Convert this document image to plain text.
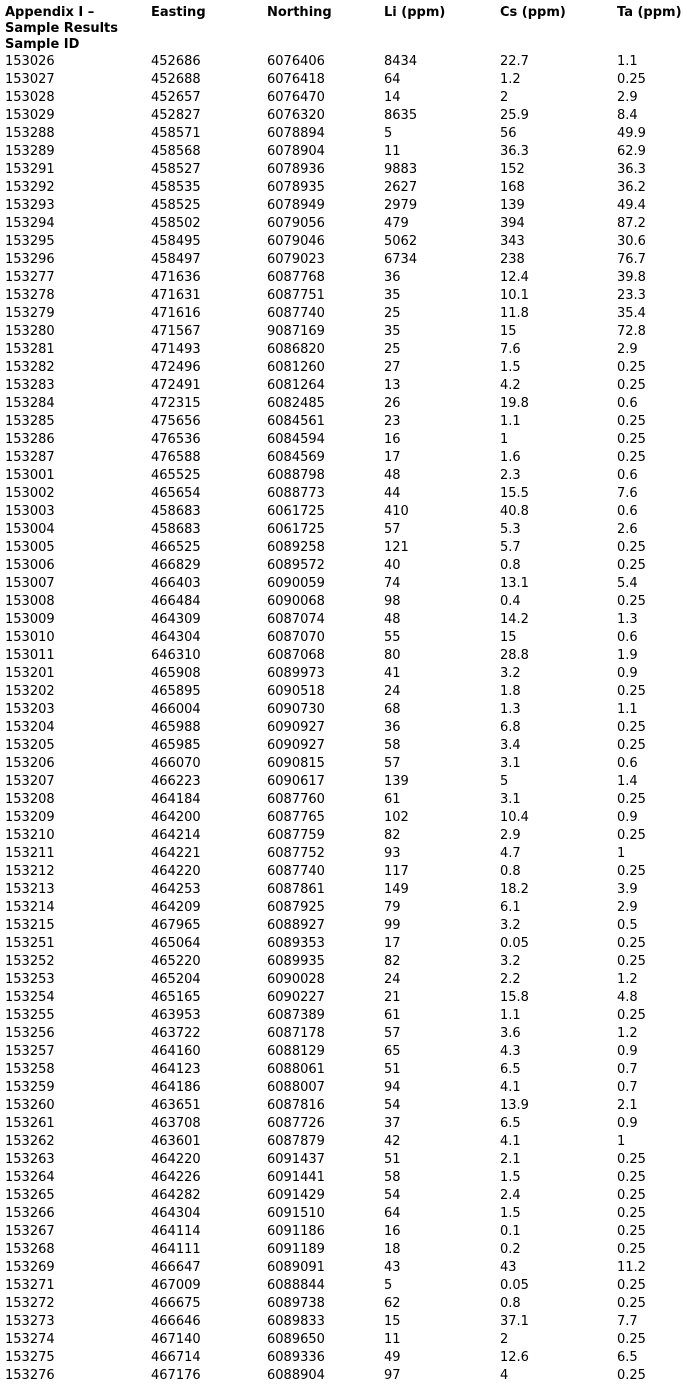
Appendix I – Sample Results Sample ID	Easting	Northing	Li (ppm)	Cs (ppm)	Ta (ppm)
153026	452686	6076406	8434	22.7	1.1
153027	452688	6076418	64	1.2	0.25
153028	452657	6076470	14	2	2.9
153029	452827	6076320	8635	25.9	8.4
153288	458571	6078894	5	56	49.9
153289	458568	6078904	11	36.3	62.9
153291	458527	6078936	9883	152	36.3
153292	458535	6078935	2627	168	36.2
153293	458525	6078949	2979	139	49.4
153294	458502	6079056	479	394	87.2
153295	458495	6079046	5062	343	30.6
153296	458497	6079023	6734	238	76.7
153277	471636	6087768	36	12.4	39.8
153278	471631	6087751	35	10.1	23.3
153279	471616	6087740	25	11.8	35.4
153280	471567	9087169	35	15	72.8
153281	471493	6086820	25	7.6	2.9
153282	472496	6081260	27	1.5	0.25
153283	472491	6081264	13	4.2	0.25
153284	472315	6082485	26	19.8	0.6
153285	475656	6084561	23	1.1	0.25
153286	476536	6084594	16	1	0.25
153287	476588	6084569	17	1.6	0.25
153001	465525	6088798	48	2.3	0.6
153002	465654	6088773	44	15.5	7.6
153003	458683	6061725	410	40.8	0.6
153004	458683	6061725	57	5.3	2.6
153005	466525	6089258	121	5.7	0.25
153006	466829	6089572	40	0.8	0.25
153007	466403	6090059	74	13.1	5.4
153008	466484	6090068	98	0.4	0.25
153009	464309	6087074	48	14.2	1.3
153010	464304	6087070	55	15	0.6
153011	646310	6087068	80	28.8	1.9
153201	465908	6089973	41	3.2	0.9
153202	465895	6090518	24	1.8	0.25
153203	466004	6090730	68	1.3	1.1
153204	465988	6090927	36	6.8	0.25
153205	465985	6090927	58	3.4	0.25
153206	466070	6090815	57	3.1	0.6
153207	466223	6090617	139	5	1.4
153208	464184	6087760	61	3.1	0.25
153209	464200	6087765	102	10.4	0.9
153210	464214	6087759	82	2.9	0.25
153211	464221	6087752	93	4.7	1
153212	464220	6087740	117	0.8	0.25
153213	464253	6087861	149	18.2	3.9
153214	464209	6087925	79	6.1	2.9
153215	467965	6088927	99	3.2	0.5
153251	465064	6089353	17	0.05	0.25
153252	465220	6089935	82	3.2	0.25
153253	465204	6090028	24	2.2	1.2
153254	465165	6090227	21	15.8	4.8
153255	463953	6087389	61	1.1	0.25
153256	463722	6087178	57	3.6	1.2
153257	464160	6088129	65	4.3	0.9
153258	464123	6088061	51	6.5	0.7
153259	464186	6088007	94	4.1	0.7
153260	463651	6087816	54	13.9	2.1
153261	463708	6087726	37	6.5	0.9
153262	463601	6087879	42	4.1	1
153263	464220	6091437	51	2.1	0.25
153264	464226	6091441	58	1.5	0.25
153265	464282	6091429	54	2.4	0.25
153266	464304	6091510	64	1.5	0.25
153267	464114	6091186	16	0.1	0.25
153268	464111	6091189	18	0.2	0.25
153269	466647	6089091	43	43	11.2
153271	467009	6088844	5	0.05	0.25
153272	466675	6089738	62	0.8	0.25
153273	466646	6089833	15	37.1	7.7
153274	467140	6089650	11	2	0.25
153275	466714	6089336	49	12.6	6.5
153276	467176	6088904	97	4	0.25
